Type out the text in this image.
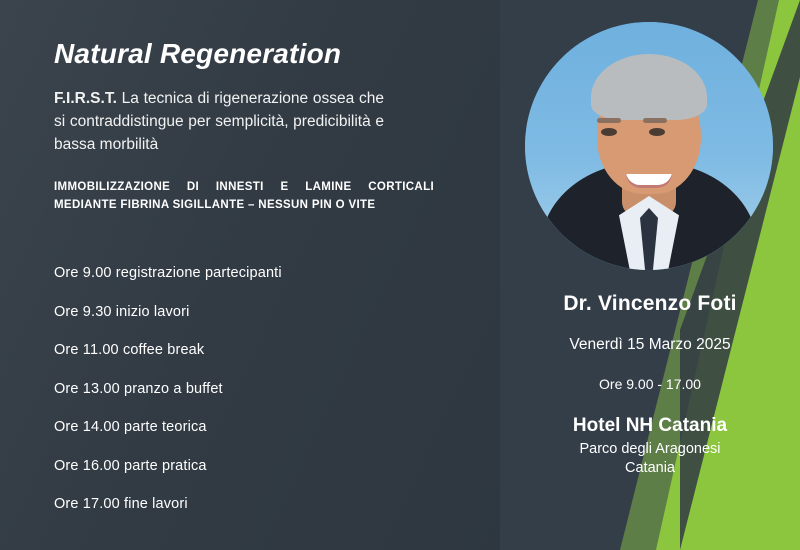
Natural Regeneration

F.I.R.S.T. La tecnica di rigenerazione ossea che si contraddistingue per semplicità, predicibilità e bassa morbilità

IMMOBILIZZAZIONE DI INNESTI E LAMINE CORTICALI MEDIANTE FIBRINA SIGILLANTE – NESSUN PIN O VITE
Ore 9.00 registrazione partecipanti
Ore 9.30 inizio lavori
Ore 11.00 coffee break
Ore 13.00 pranzo a buffet
Ore 14.00 parte teorica
Ore 16.00 parte pratica
Ore 17.00 fine lavori
Dr. Vincenzo Foti
Venerdì 15 Marzo 2025
Ore 9.00 - 17.00
Hotel NH Catania
Parco degli Aragonesi
Catania
